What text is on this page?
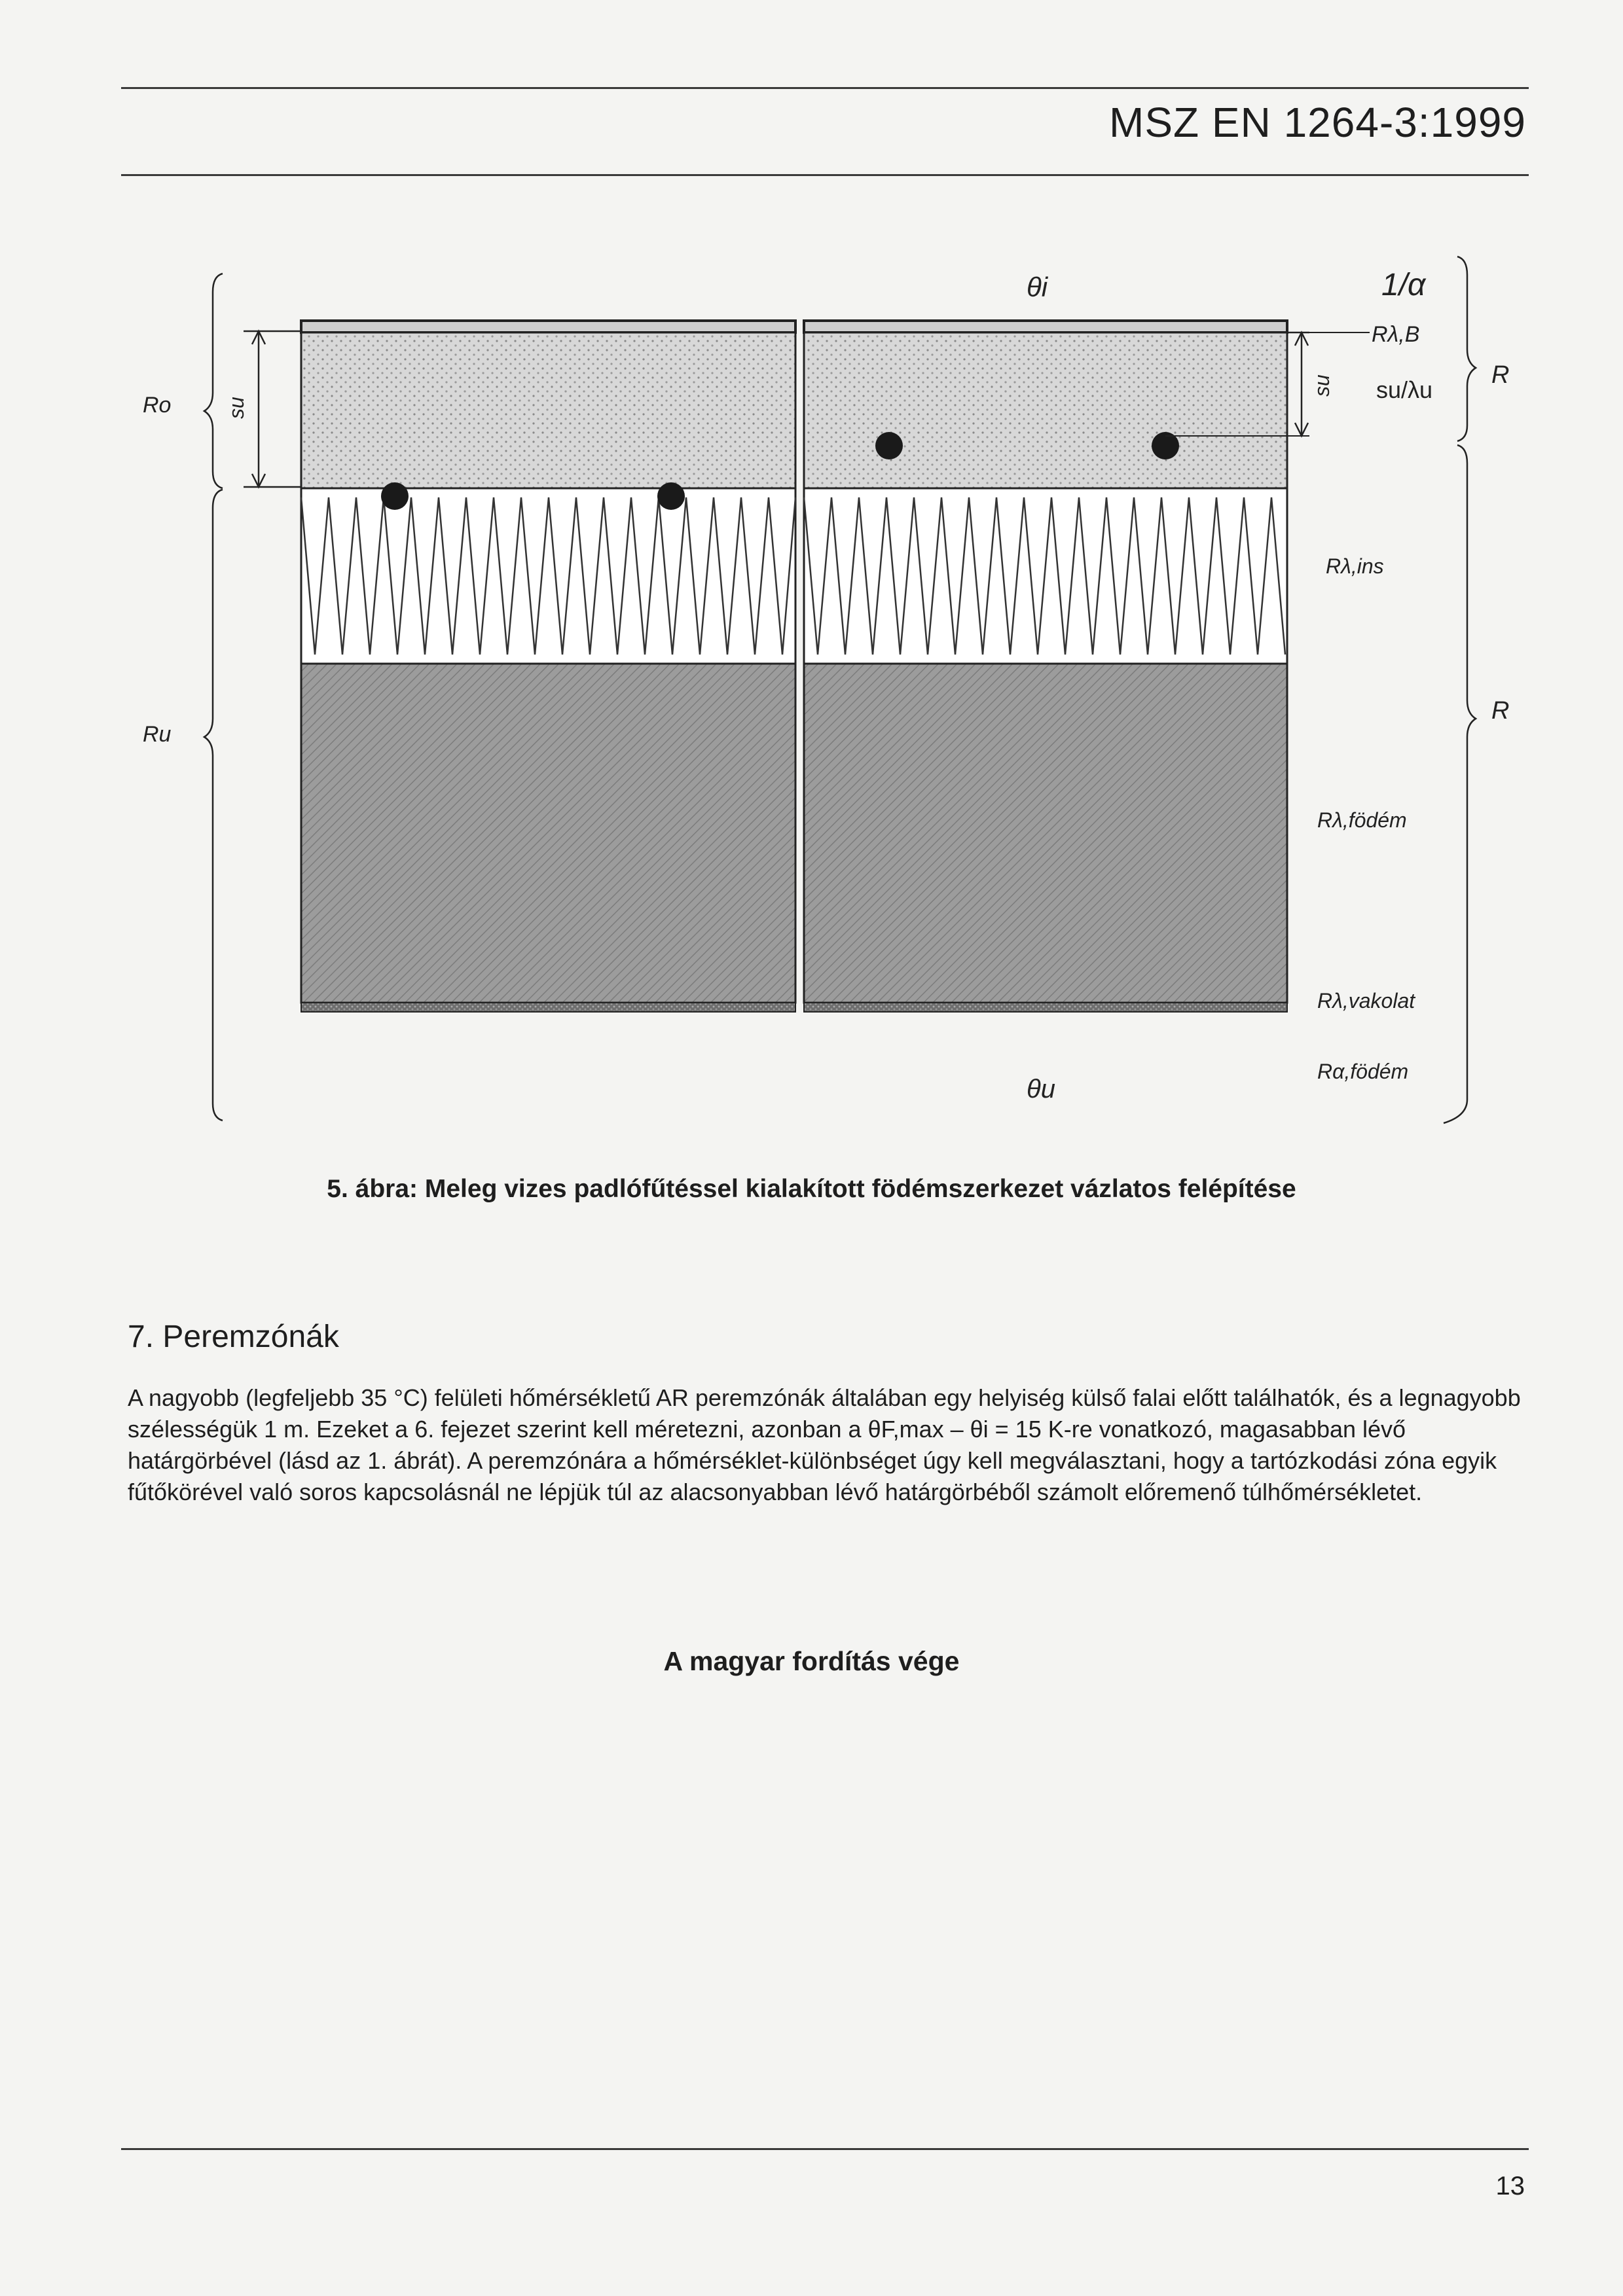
MSZ EN 1264-3:1999
θi
θu
1/α
Rλ,B
su/λu
R
Rλ,ins
R
Rλ,födém
Rλ,vakolat
Rα,födém
Ro
Ru
su
su
5. ábra: Meleg vizes padlófűtéssel kialakított födémszerkezet vázlatos felépítése
7. Peremzónák

A nagyobb (legfeljebb 35 °C) felületi hőmérsékletű AR peremzónák általában egy helyiség külső falai előtt találhatók, és a legnagyobb szélességük 1 m. Ezeket a 6. fejezet szerint kell méretezni, azonban a θF,max – θi = 15 K-re vonatkozó, magasabban lévő határgörbével (lásd az 1. ábrát). A peremzónára a hőmérséklet-különbséget úgy kell megválasztani, hogy a tartózkodási zóna egyik fűtőkörével való soros kapcsolásnál ne lépjük túl az alacsonyabban lévő határgörbéből számolt előremenő túlhőmérsékletet.

A magyar fordítás vége
13
